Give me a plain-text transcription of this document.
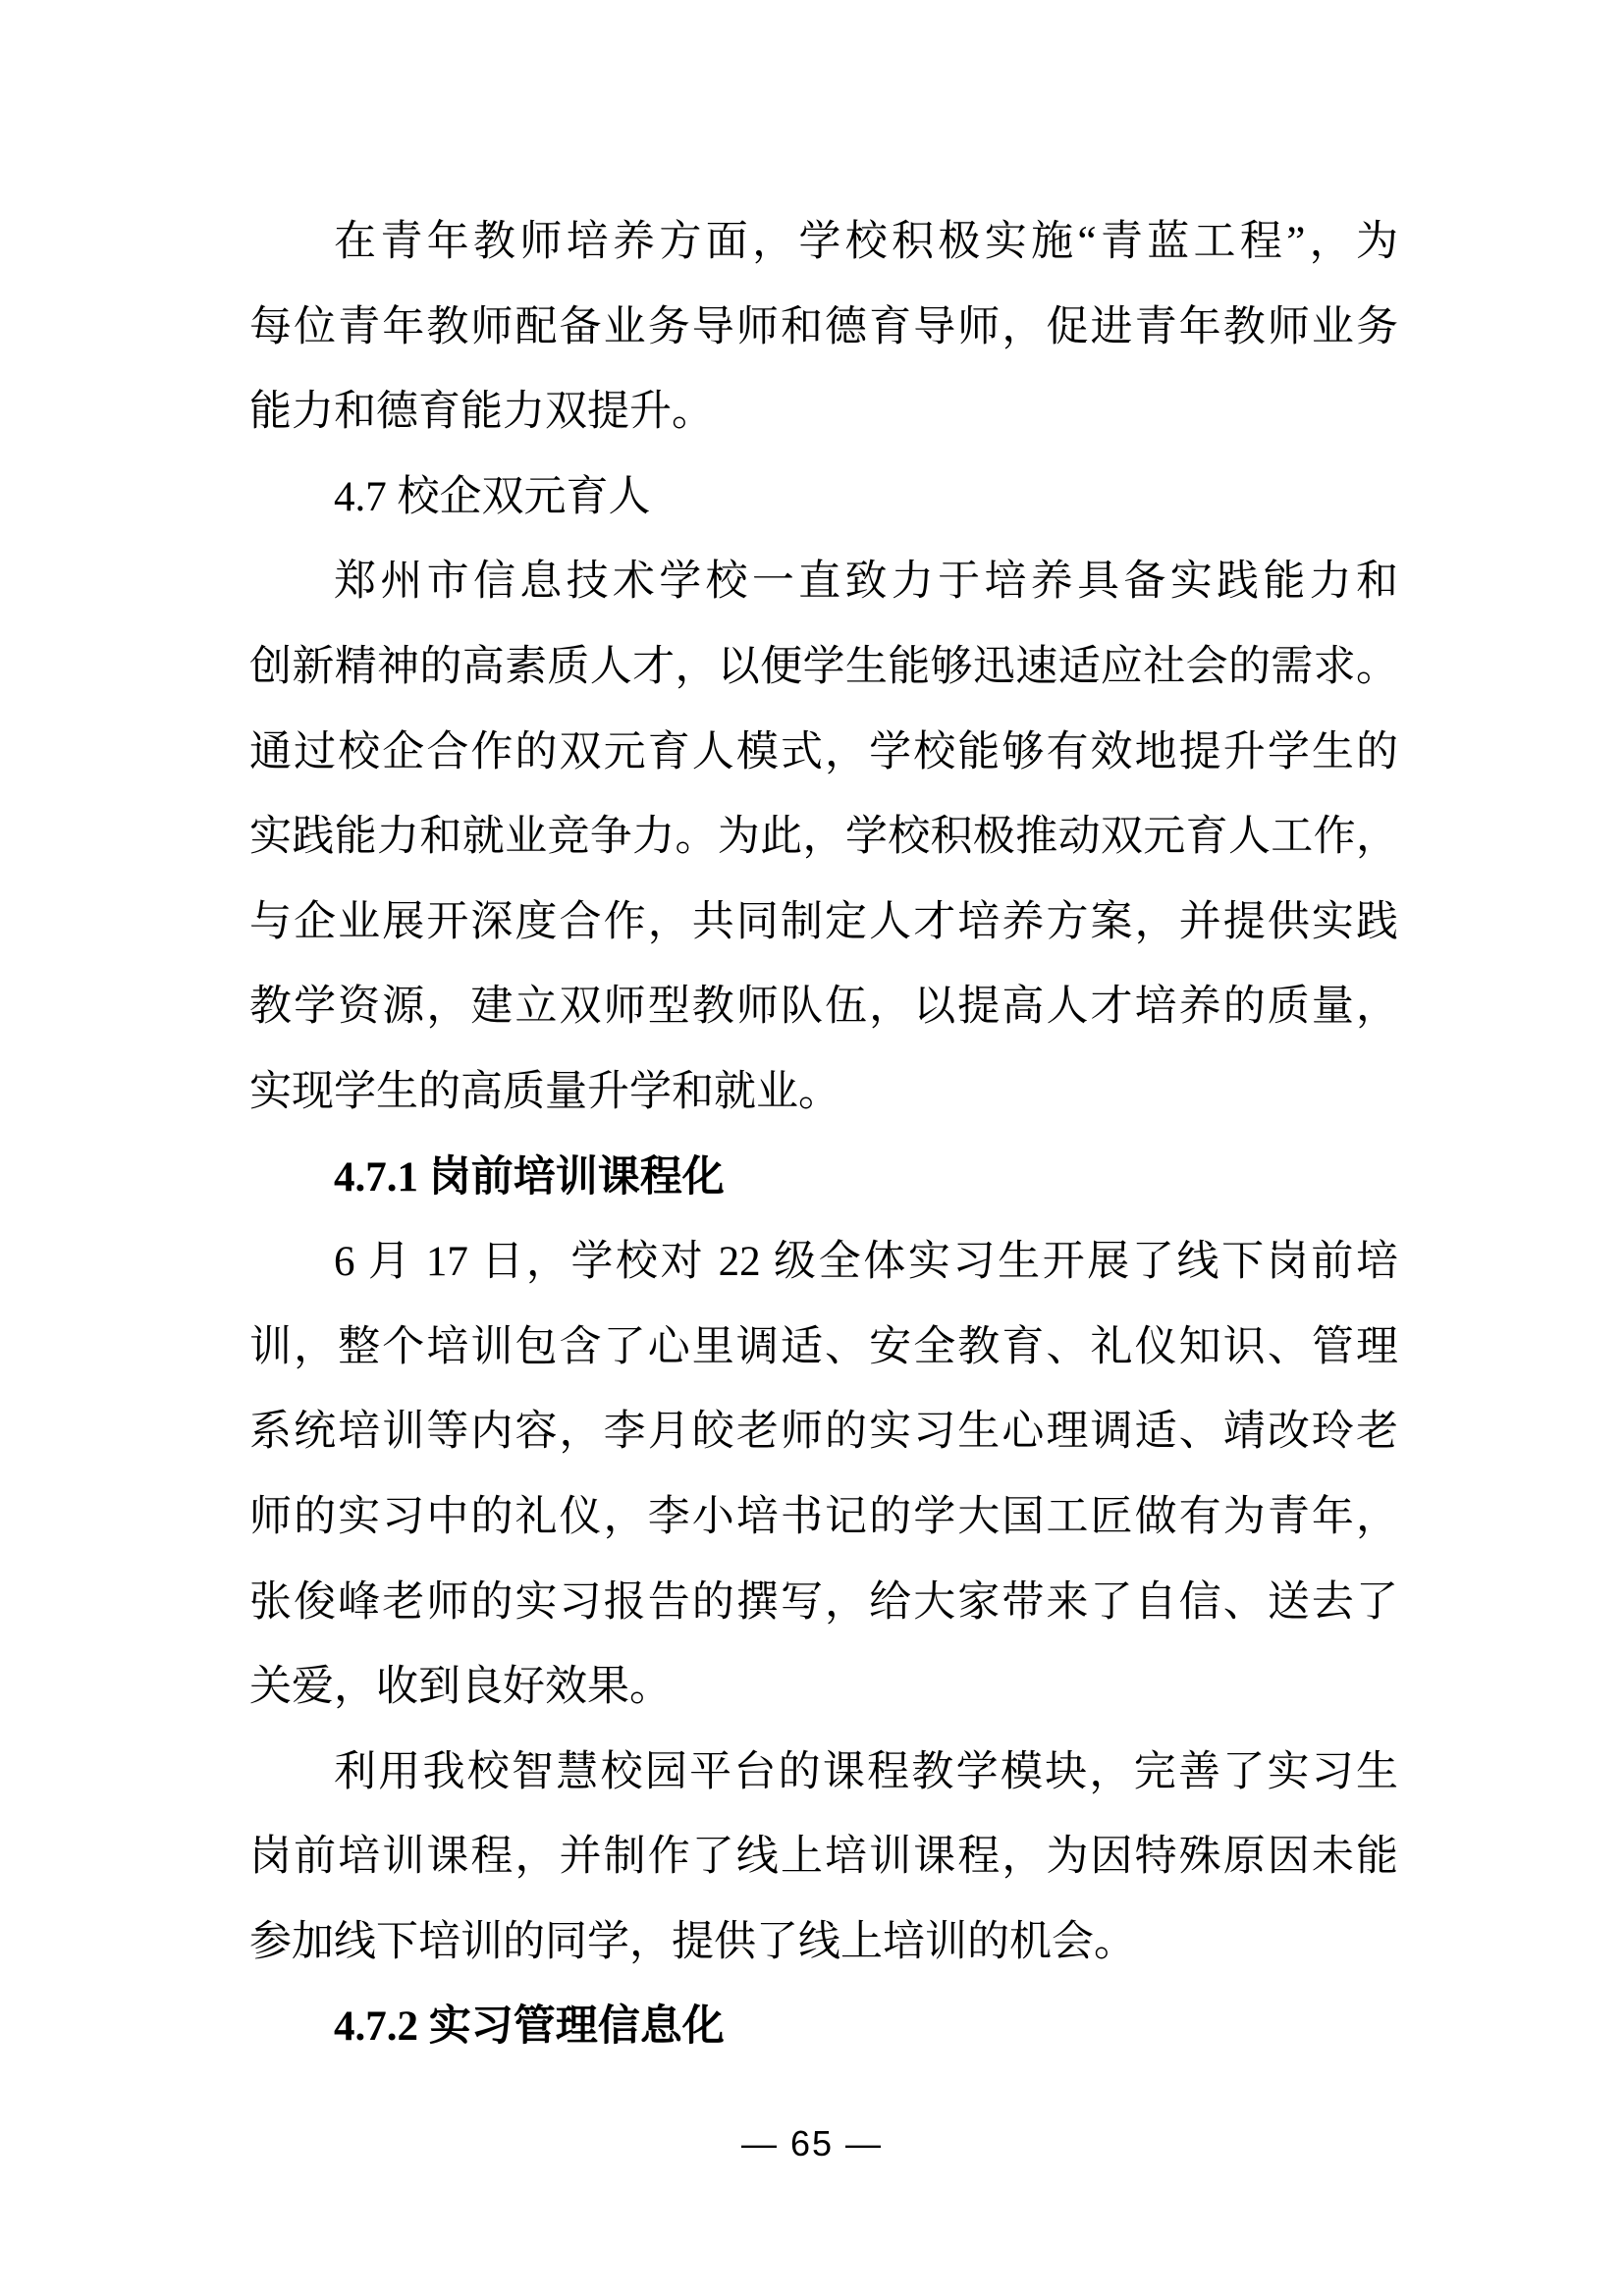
在青年教师培养方面，学校积极实施“青蓝工程”，为
每位青年教师配备业务导师和德育导师，促进青年教师业务
能力和德育能力双提升。
4.7 校企双元育人
郑州市信息技术学校一直致力于培养具备实践能力和
创新精神的高素质人才，以便学生能够迅速适应社会的需求。
通过校企合作的双元育人模式，学校能够有效地提升学生的
实践能力和就业竞争力。为此，学校积极推动双元育人工作，
与企业展开深度合作，共同制定人才培养方案，并提供实践
教学资源，建立双师型教师队伍，以提高人才培养的质量，
实现学生的高质量升学和就业。
4.7.1 岗前培训课程化
6 月 17 日，学校对 22 级全体实习生开展了线下岗前培
训，整个培训包含了心里调适、安全教育、礼仪知识、管理
系统培训等内容，李月皎老师的实习生心理调适、靖改玲老
师的实习中的礼仪，李小培书记的学大国工匠做有为青年，
张俊峰老师的实习报告的撰写，给大家带来了自信、送去了
关爱，收到良好效果。
利用我校智慧校园平台的课程教学模块，完善了实习生
岗前培训课程，并制作了线上培训课程，为因特殊原因未能
参加线下培训的同学，提供了线上培训的机会。
4.7.2 实习管理信息化
— 65 —
